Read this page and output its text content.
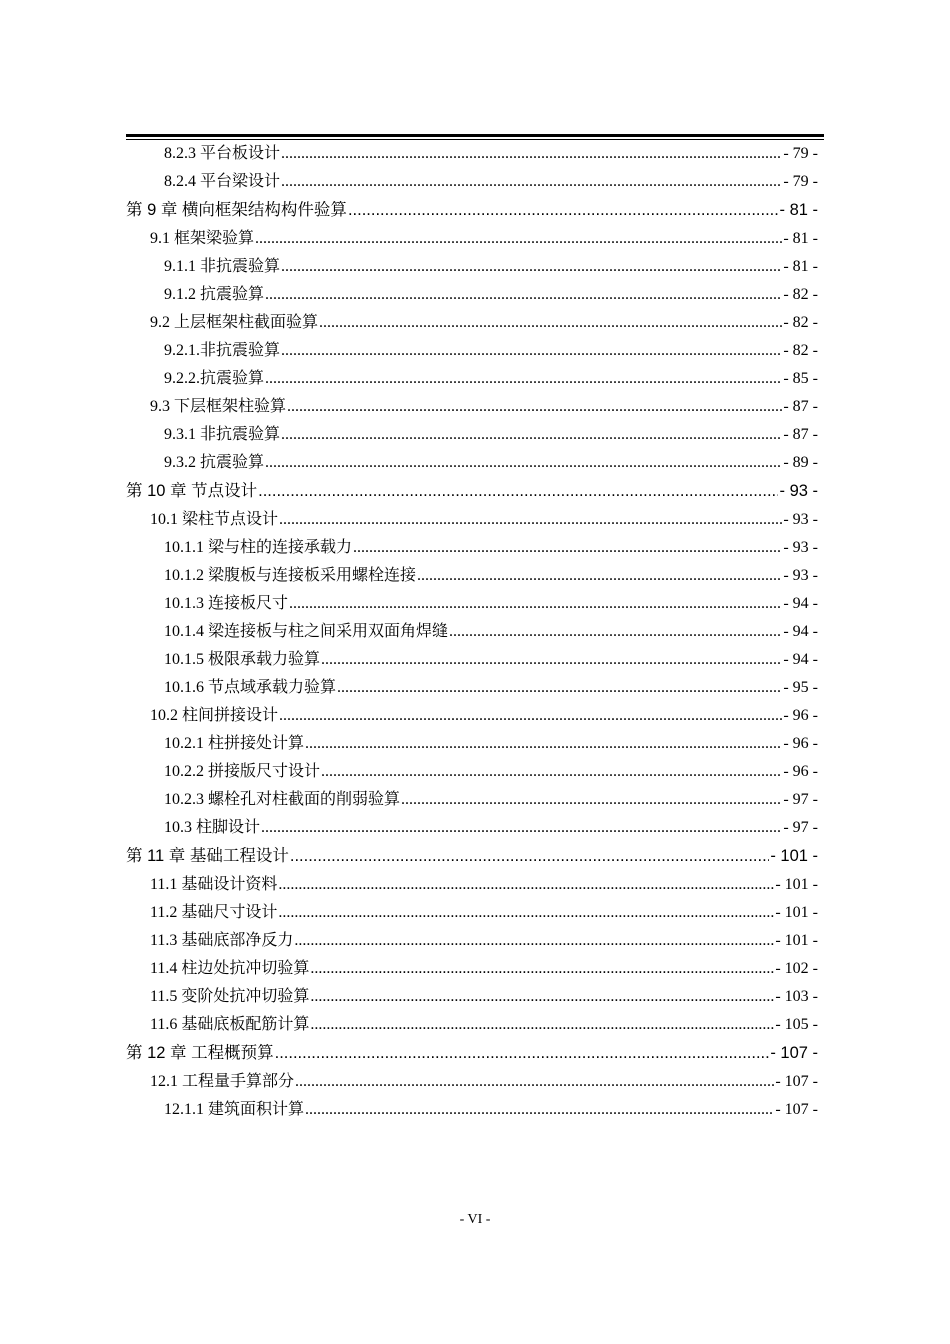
8.2.3 平台板设计 .....	- 79 -
8.2.4 平台梁设计 .....	- 79 -
第 9 章 横向框架结构构件验算 .....	- 81 -
9.1 框架梁验算 .....	- 81 -
9.1.1 非抗震验算 .....	- 81 -
9.1.2 抗震验算 .....	- 82 -
9.2 上层框架柱截面验算 .....	- 82 -
9.2.1.非抗震验算 .....	- 82 -
9.2.2.抗震验算 .....	- 85 -
9.3 下层框架柱验算 .....	- 87 -
9.3.1 非抗震验算 .....	- 87 -
9.3.2 抗震验算 .....	- 89 -
第 10 章 节点设计 .....	- 93 -
10.1 梁柱节点设计 .....	- 93 -
10.1.1 梁与柱的连接承载力 .....	- 93 -
10.1.2 梁腹板与连接板采用螺栓连接 .....	- 93 -
10.1.3 连接板尺寸 .....	- 94 -
10.1.4 梁连接板与柱之间采用双面角焊缝 .....	- 94 -
10.1.5 极限承载力验算 .....	- 94 -
10.1.6 节点域承载力验算 .....	- 95 -
10.2 柱间拼接设计 .....	- 96 -
10.2.1 柱拼接处计算 .....	- 96 -
10.2.2 拼接版尺寸设计 .....	- 96 -
10.2.3 螺栓孔对柱截面的削弱验算 .....	- 97 -
10.3 柱脚设计 .....	- 97 -
第 11 章 基础工程设计 .....	- 101 -
11.1 基础设计资料 .....	- 101 -
11.2 基础尺寸设计 .....	- 101 -
11.3 基础底部净反力 .....	- 101 -
11.4 柱边处抗冲切验算 .....	- 102 -
11.5 变阶处抗冲切验算 .....	- 103 -
11.6 基础底板配筋计算 .....	- 105 -
第 12 章 工程概预算 .....	- 107 -
12.1 工程量手算部分 .....	- 107 -
12.1.1 建筑面积计算 .....	- 107 -
- VI -
